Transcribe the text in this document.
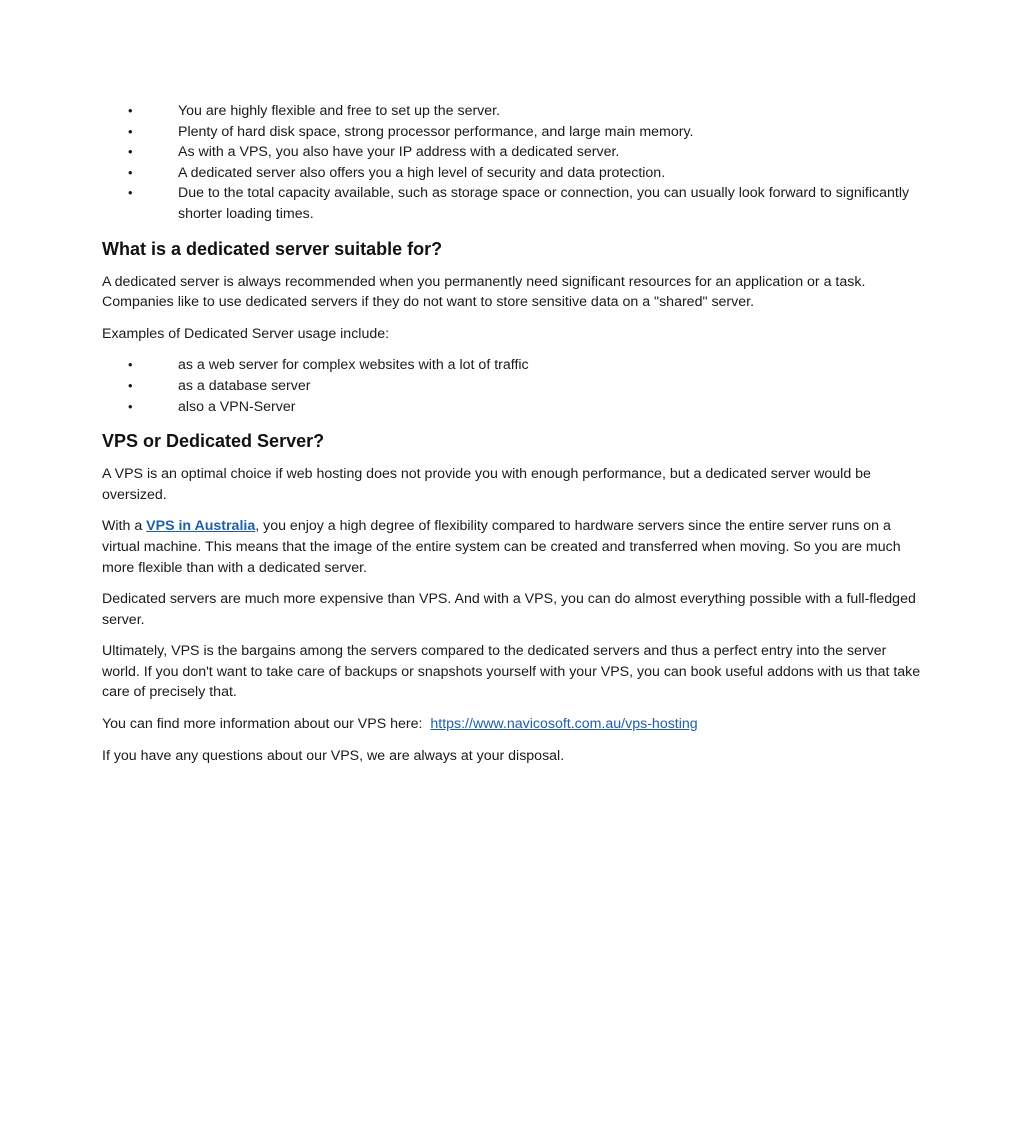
•	You are highly flexible and free to set up the server.
•	Plenty of hard disk space, strong processor performance, and large main memory.
•	As with a VPS, you also have your IP address with a dedicated server.
•	A dedicated server also offers you a high level of security and data protection.
•	Due to the total capacity available, such as storage space or connection, you can usually look forward to significantly shorter loading times.
What is a dedicated server suitable for?

A dedicated server is always recommended when you permanently need significant resources for an application or a task. Companies like to use dedicated servers if they do not want to store sensitive data on a "shared" server.

Examples of Dedicated Server usage include:

•	as a web server for complex websites with a lot of traffic
•	as a database server
•	also a VPN-Server
VPS or Dedicated Server?

A VPS is an optimal choice if web hosting does not provide you with enough performance, but a dedicated server would be oversized.

With a VPS in Australia, you enjoy a high degree of flexibility compared to hardware servers since the entire server runs on a virtual machine. This means that the image of the entire system can be created and transferred when moving. So you are much more flexible than with a dedicated server.

Dedicated servers are much more expensive than VPS. And with a VPS, you can do almost everything possible with a full-fledged server.

Ultimately, VPS is the bargains among the servers compared to the dedicated servers and thus a perfect entry into the server world. If you don't want to take care of backups or snapshots yourself with your VPS, you can book useful addons with us that take care of precisely that.

You can find more information about our VPS here:  https://www.navicosoft.com.au/vps-hosting

If you have any questions about our VPS, we are always at your disposal.
